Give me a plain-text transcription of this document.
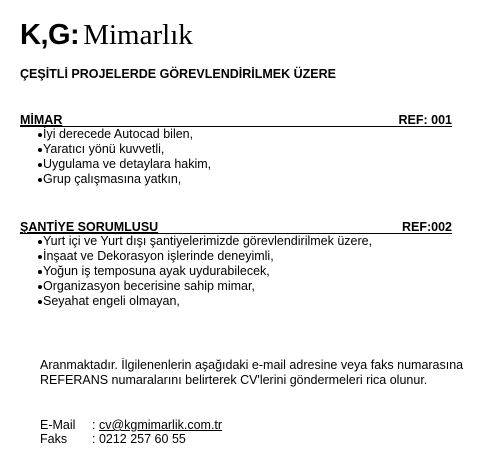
K,G: Mimarlık
ÇEŞİTLİ PROJELERDE GÖREVLENDİRİLMEK ÜZERE
MİMAR	REF: 001
İyi derecede Autocad bilen,
Yaratıcı yönü kuvvetli,
Uygulama ve detaylara hakim,
Grup çalışmasına yatkın,
ŞANTİYE SORUMLUSU	REF:002
Yurt içi ve Yurt dışı şantiyelerimizde görevlendirilmek üzere,
İnşaat ve Dekorasyon işlerinde deneyimli,
Yoğun iş temposuna ayak uydurabilecek,
Organizasyon becerisine sahip mimar,
Seyahat engeli olmayan,
Aranmaktadır. İlgilenenlerin aşağıdaki e-mail adresine veya faks numarasına
REFERANS numaralarını belirterek CV'lerini göndermeleri rica olunur.
E-Mail : cv@kgmimarlik.com.tr
Faks : 0212 257 60 55
